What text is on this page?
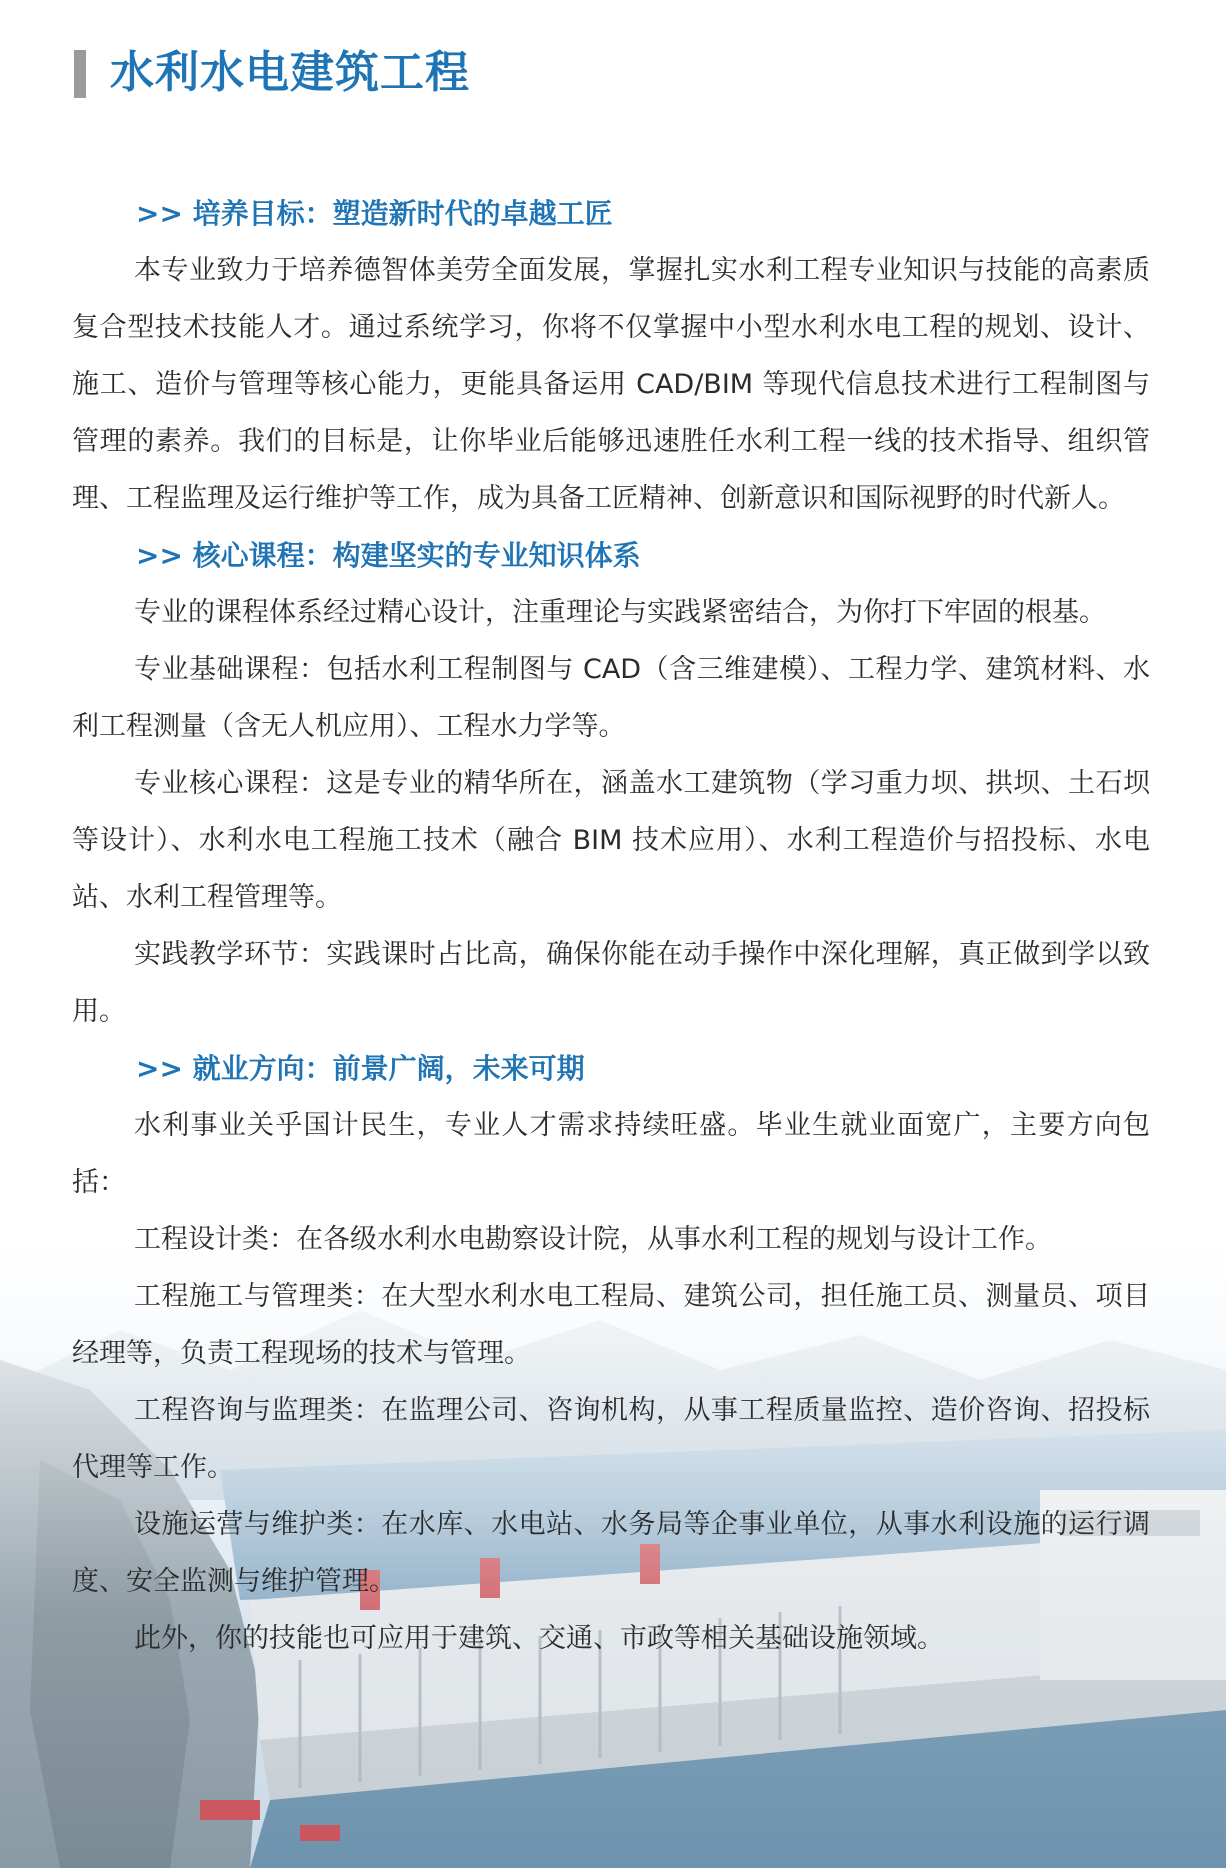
水利水电建筑工程
>> 培养目标：塑造新时代的卓越工匠

本专业致力于培养德智体美劳全面发展，掌握扎实水利工程专业知识与技能的高素质复合型技术技能人才。通过系统学习，你将不仅掌握中小型水利水电工程的规划、设计、施工、造价与管理等核心能力，更能具备运用 CAD/BIM 等现代信息技术进行工程制图与管理的素养。我们的目标是，让你毕业后能够迅速胜任水利工程一线的技术指导、组织管理、工程监理及运行维护等工作，成为具备工匠精神、创新意识和国际视野的时代新人。

>> 核心课程：构建坚实的专业知识体系

专业的课程体系经过精心设计，注重理论与实践紧密结合，为你打下牢固的根基。

专业基础课程：包括水利工程制图与 CAD（含三维建模）、工程力学、建筑材料、水利工程测量（含无人机应用）、工程水力学等。

专业核心课程：这是专业的精华所在，涵盖水工建筑物（学习重力坝、拱坝、土石坝等设计）、水利水电工程施工技术（融合 BIM 技术应用）、水利工程造价与招投标、水电站、水利工程管理等。

实践教学环节：实践课时占比高，确保你能在动手操作中深化理解，真正做到学以致用。

>> 就业方向：前景广阔，未来可期

水利事业关乎国计民生，专业人才需求持续旺盛。毕业生就业面宽广，主要方向包括：

工程设计类：在各级水利水电勘察设计院，从事水利工程的规划与设计工作。

工程施工与管理类：在大型水利水电工程局、建筑公司，担任施工员、测量员、项目经理等，负责工程现场的技术与管理。

工程咨询与监理类：在监理公司、咨询机构，从事工程质量监控、造价咨询、招投标代理等工作。

设施运营与维护类：在水库、水电站、水务局等企事业单位，从事水利设施的运行调度、安全监测与维护管理。

此外，你的技能也可应用于建筑、交通、市政等相关基础设施领域。
